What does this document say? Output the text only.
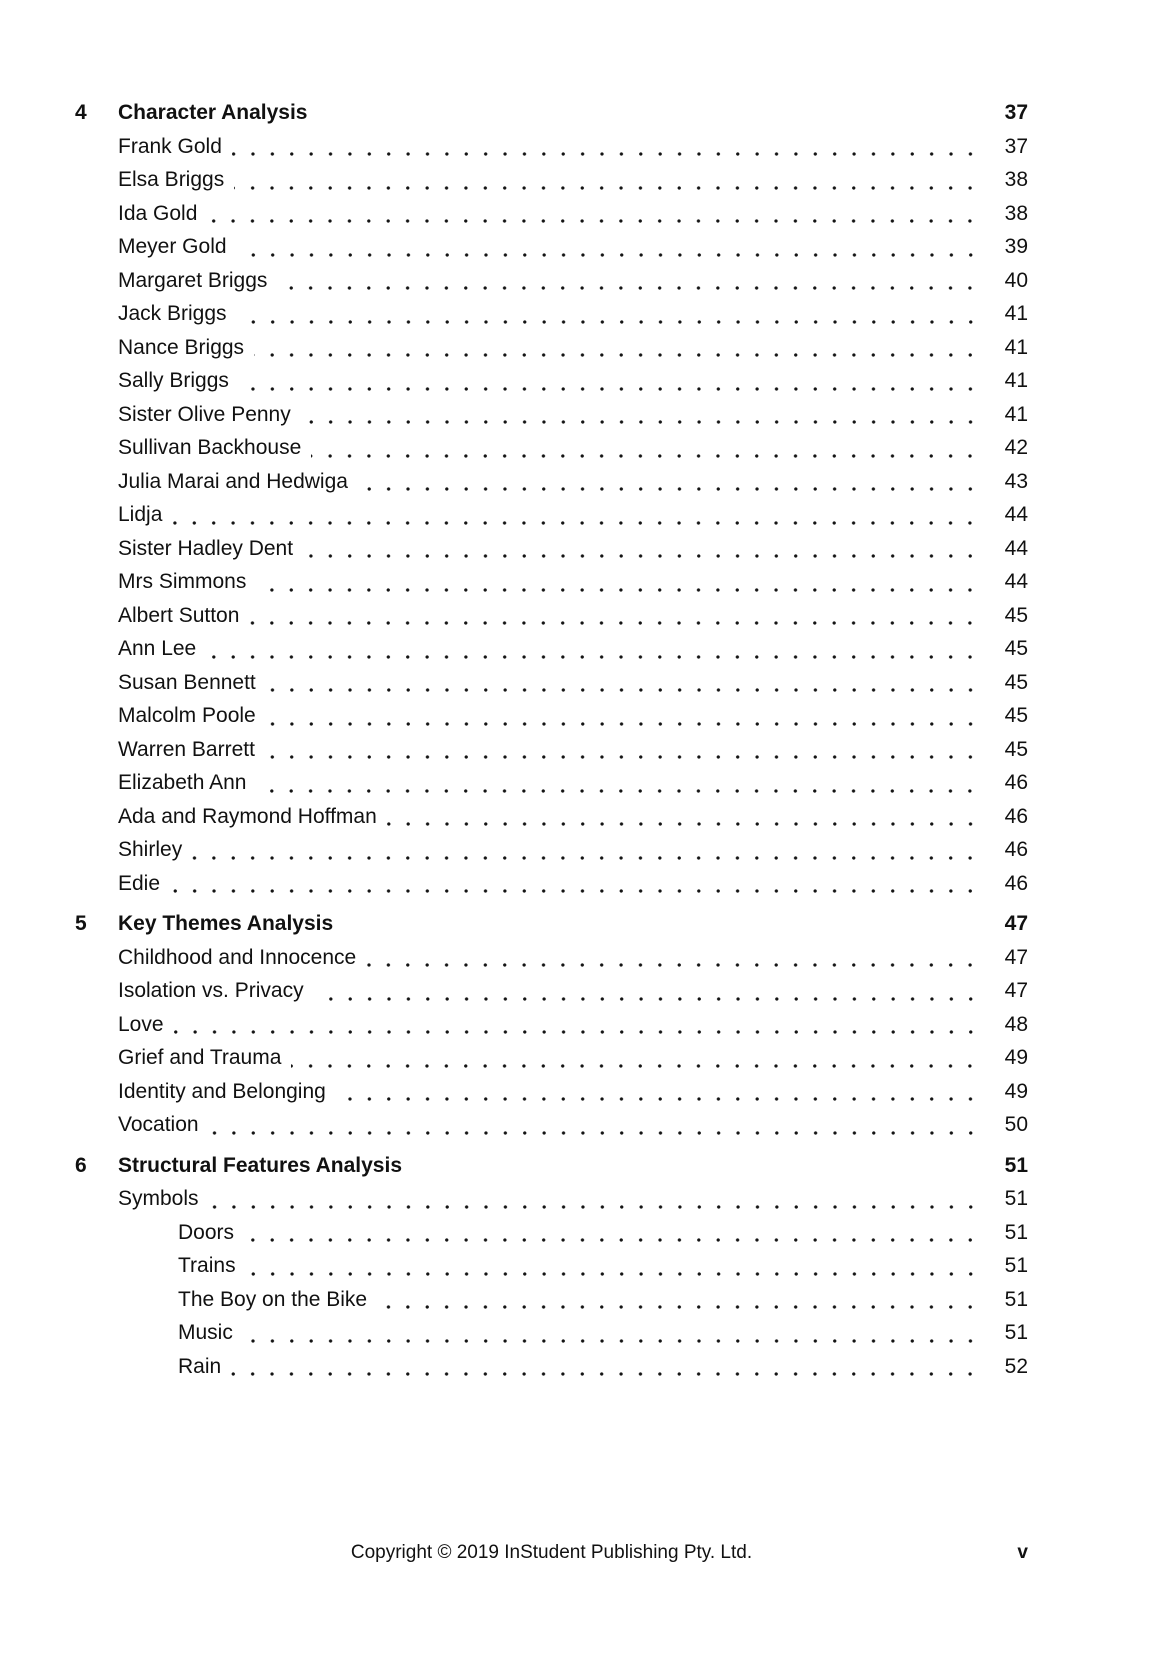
4	Character Analysis	37
Frank Gold	37
Elsa Briggs	38
Ida Gold	38
Meyer Gold	39
Margaret Briggs	40
Jack Briggs	41
Nance Briggs	41
Sally Briggs	41
Sister Olive Penny	41
Sullivan Backhouse	42
Julia Marai and Hedwiga	43
Lidja	44
Sister Hadley Dent	44
Mrs Simmons	44
Albert Sutton	45
Ann Lee	45
Susan Bennett	45
Malcolm Poole	45
Warren Barrett	45
Elizabeth Ann	46
Ada and Raymond Hoffman	46
Shirley	46
Edie	46
5	Key Themes Analysis	47
Childhood and Innocence	47
Isolation vs. Privacy	47
Love	48
Grief and Trauma	49
Identity and Belonging	49
Vocation	50
6	Structural Features Analysis	51
Symbols	51
Doors	51
Trains	51
The Boy on the Bike	51
Music	51
Rain	52
Copyright © 2019 InStudent Publishing Pty. Ltd.	v
